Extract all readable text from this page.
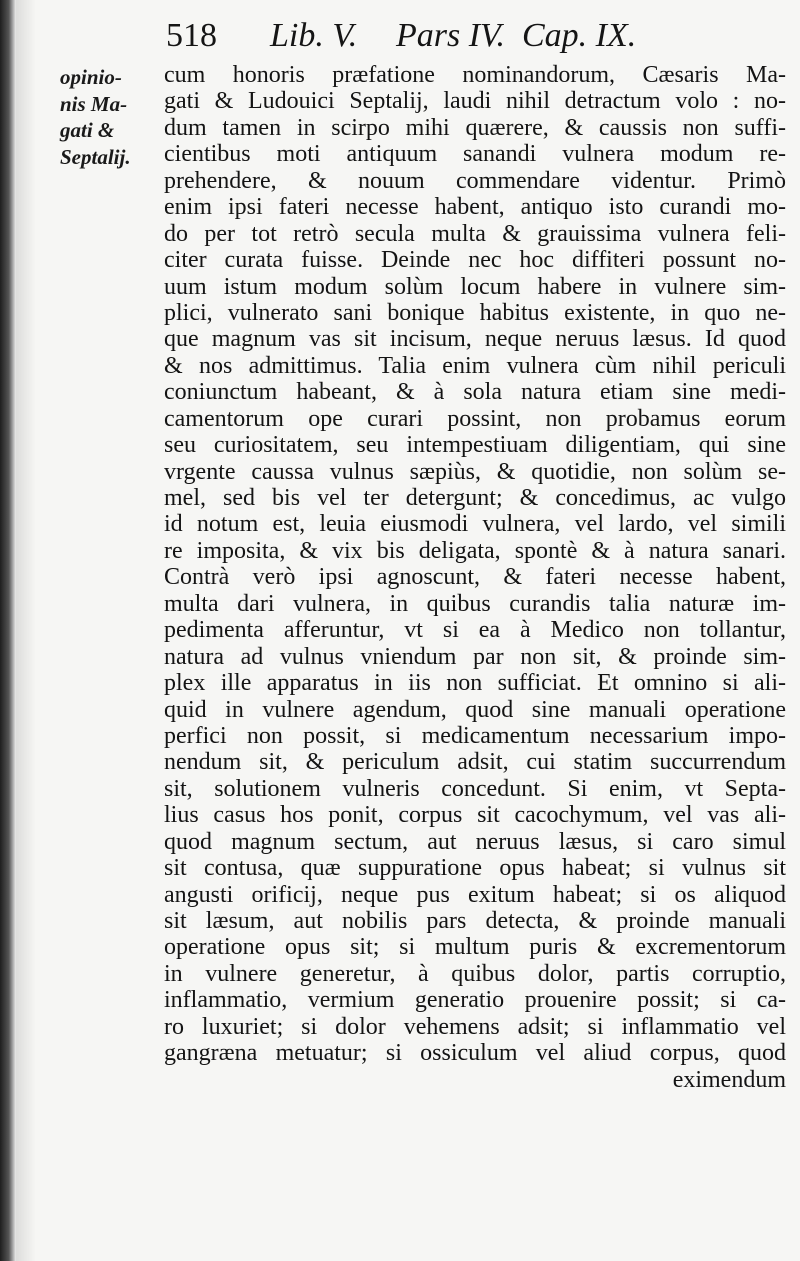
518 Lib. V. Pars IV. Cap. IX.
opinio-
nis Ma-
gati &
Septalij.
cum honoris præfatione nominandorum, Cæsaris Ma-
gati & Ludouici Septalij, laudi nihil detractum volo : no-
dum tamen in scirpo mihi quærere, & caussis non suffi-
cientibus moti antiquum sanandi vulnera modum re-
prehendere, & nouum commendare videntur. Primò
enim ipsi fateri necesse habent, antiquo isto curandi mo-
do per tot retrò secula multa & grauissima vulnera feli-
citer curata fuisse. Deinde nec hoc diffiteri possunt no-
uum istum modum solùm locum habere in vulnere sim-
plici, vulnerato sani bonique habitus existente, in quo ne-
que magnum vas sit incisum, neque neruus læsus. Id quod
& nos admittimus. Talia enim vulnera cùm nihil periculi
coniunctum habeant, & à sola natura etiam sine medi-
camentorum ope curari possint, non probamus eorum
seu curiositatem, seu intempestiuam diligentiam, qui sine
vrgente caussa vulnus sæpiùs, & quotidie, non solùm se-
mel, sed bis vel ter detergunt; & concedimus, ac vulgo
id notum est, leuia eiusmodi vulnera, vel lardo, vel simili
re imposita, & vix bis deligata, spontè & à natura sanari.
Contrà verò ipsi agnoscunt, & fateri necesse habent,
multa dari vulnera, in quibus curandis talia naturæ im-
pedimenta afferuntur, vt si ea à Medico non tollantur,
natura ad vulnus vniendum par non sit, & proinde sim-
plex ille apparatus in iis non sufficiat. Et omnino si ali-
quid in vulnere agendum, quod sine manuali operatione
perfici non possit, si medicamentum necessarium impo-
nendum sit, & periculum adsit, cui statim succurrendum
sit, solutionem vulneris concedunt. Si enim, vt Septa-
lius casus hos ponit, corpus sit cacochymum, vel vas ali-
quod magnum sectum, aut neruus læsus, si caro simul
sit contusa, quæ suppuratione opus habeat; si vulnus sit
angusti orificij, neque pus exitum habeat; si os aliquod
sit læsum, aut nobilis pars detecta, & proinde manuali
operatione opus sit; si multum puris & excrementorum
in vulnere generetur, à quibus dolor, partis corruptio,
inflammatio, vermium generatio prouenire possit; si ca-
ro luxuriet; si dolor vehemens adsit; si inflammatio vel
gangræna metuatur; si ossiculum vel aliud corpus, quod
eximendum
